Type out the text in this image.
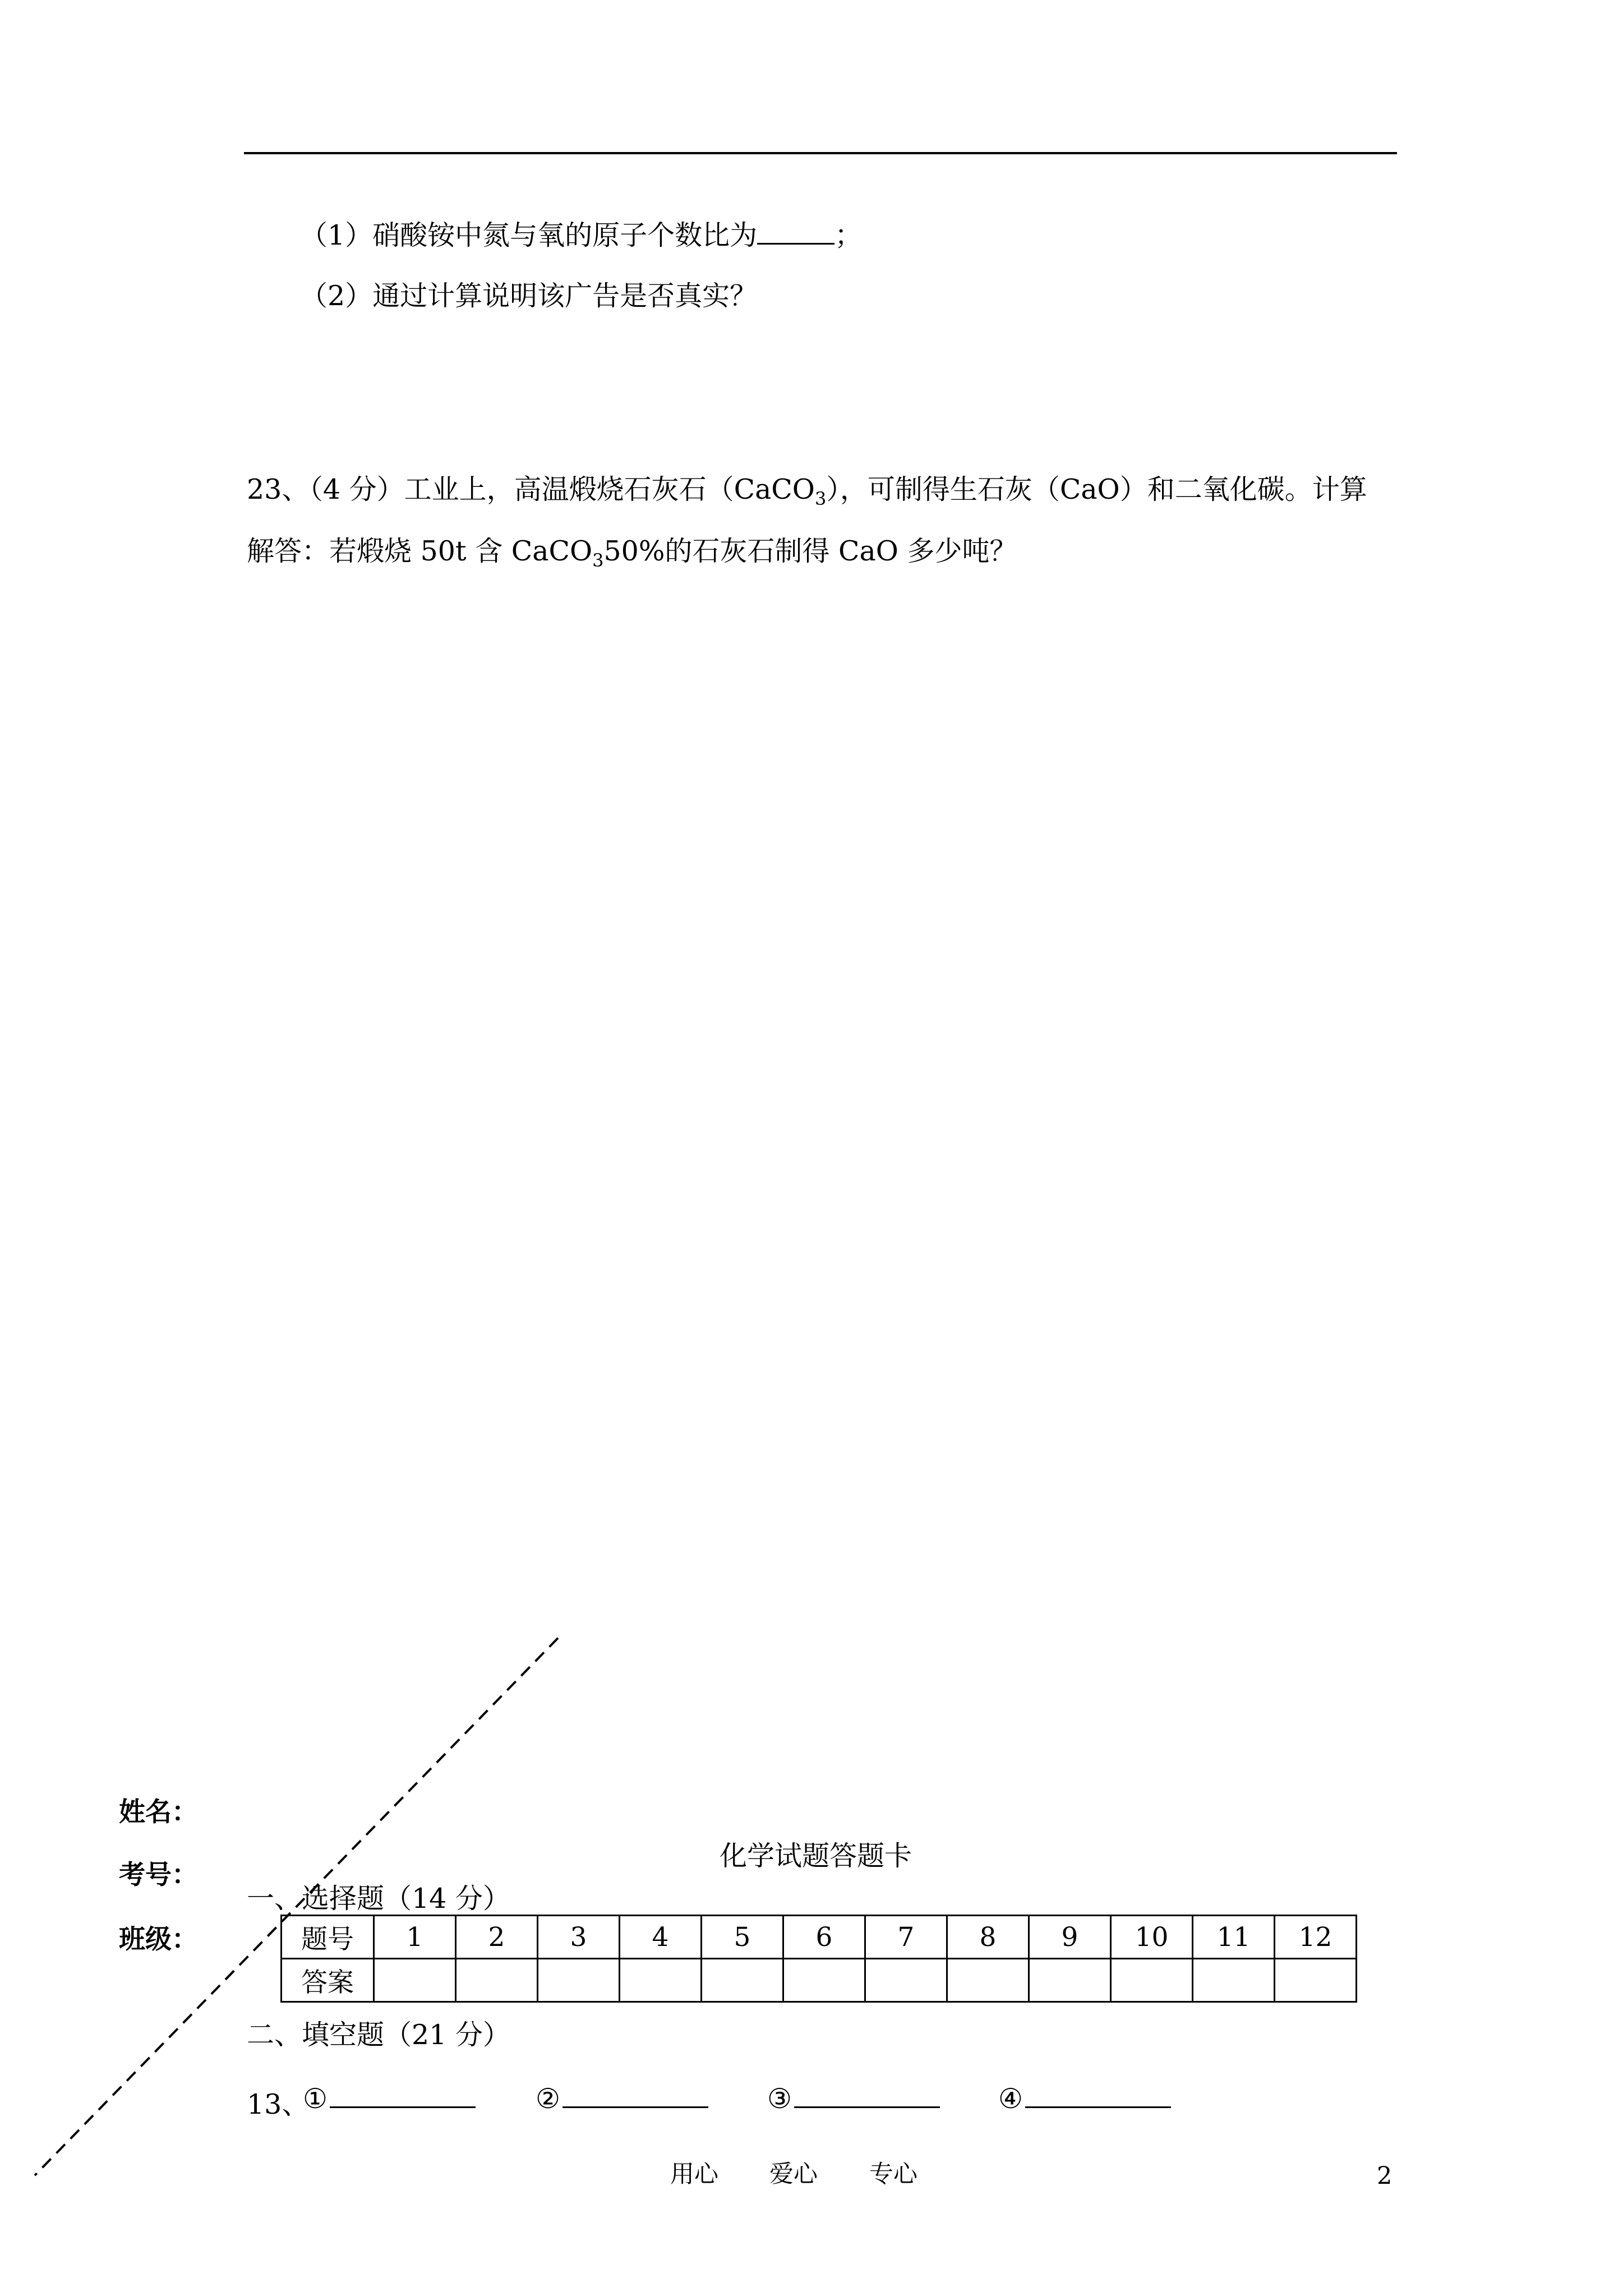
（1）硝酸铵中氮与氧的原子个数比为	；
（2）通过计算说明该广告是否真实？
23、（4 分）工业上，高温煅烧石灰石（CaCO$_3$），可制得生石灰（CaO）和二氧化碳。计算
解答：若煅烧 50t 含 CaCO$_3$50%的石灰石制得 CaO 多少吨？
姓名：
考号：
班级：
化学试题答题卡
一、选择题（14 分）
题号	1	2	3	4	5	6	7	8	9	10	11	12
答案												
二、填空题（21 分）
13、
①	②	③	④
用心 爱心 专心	2
